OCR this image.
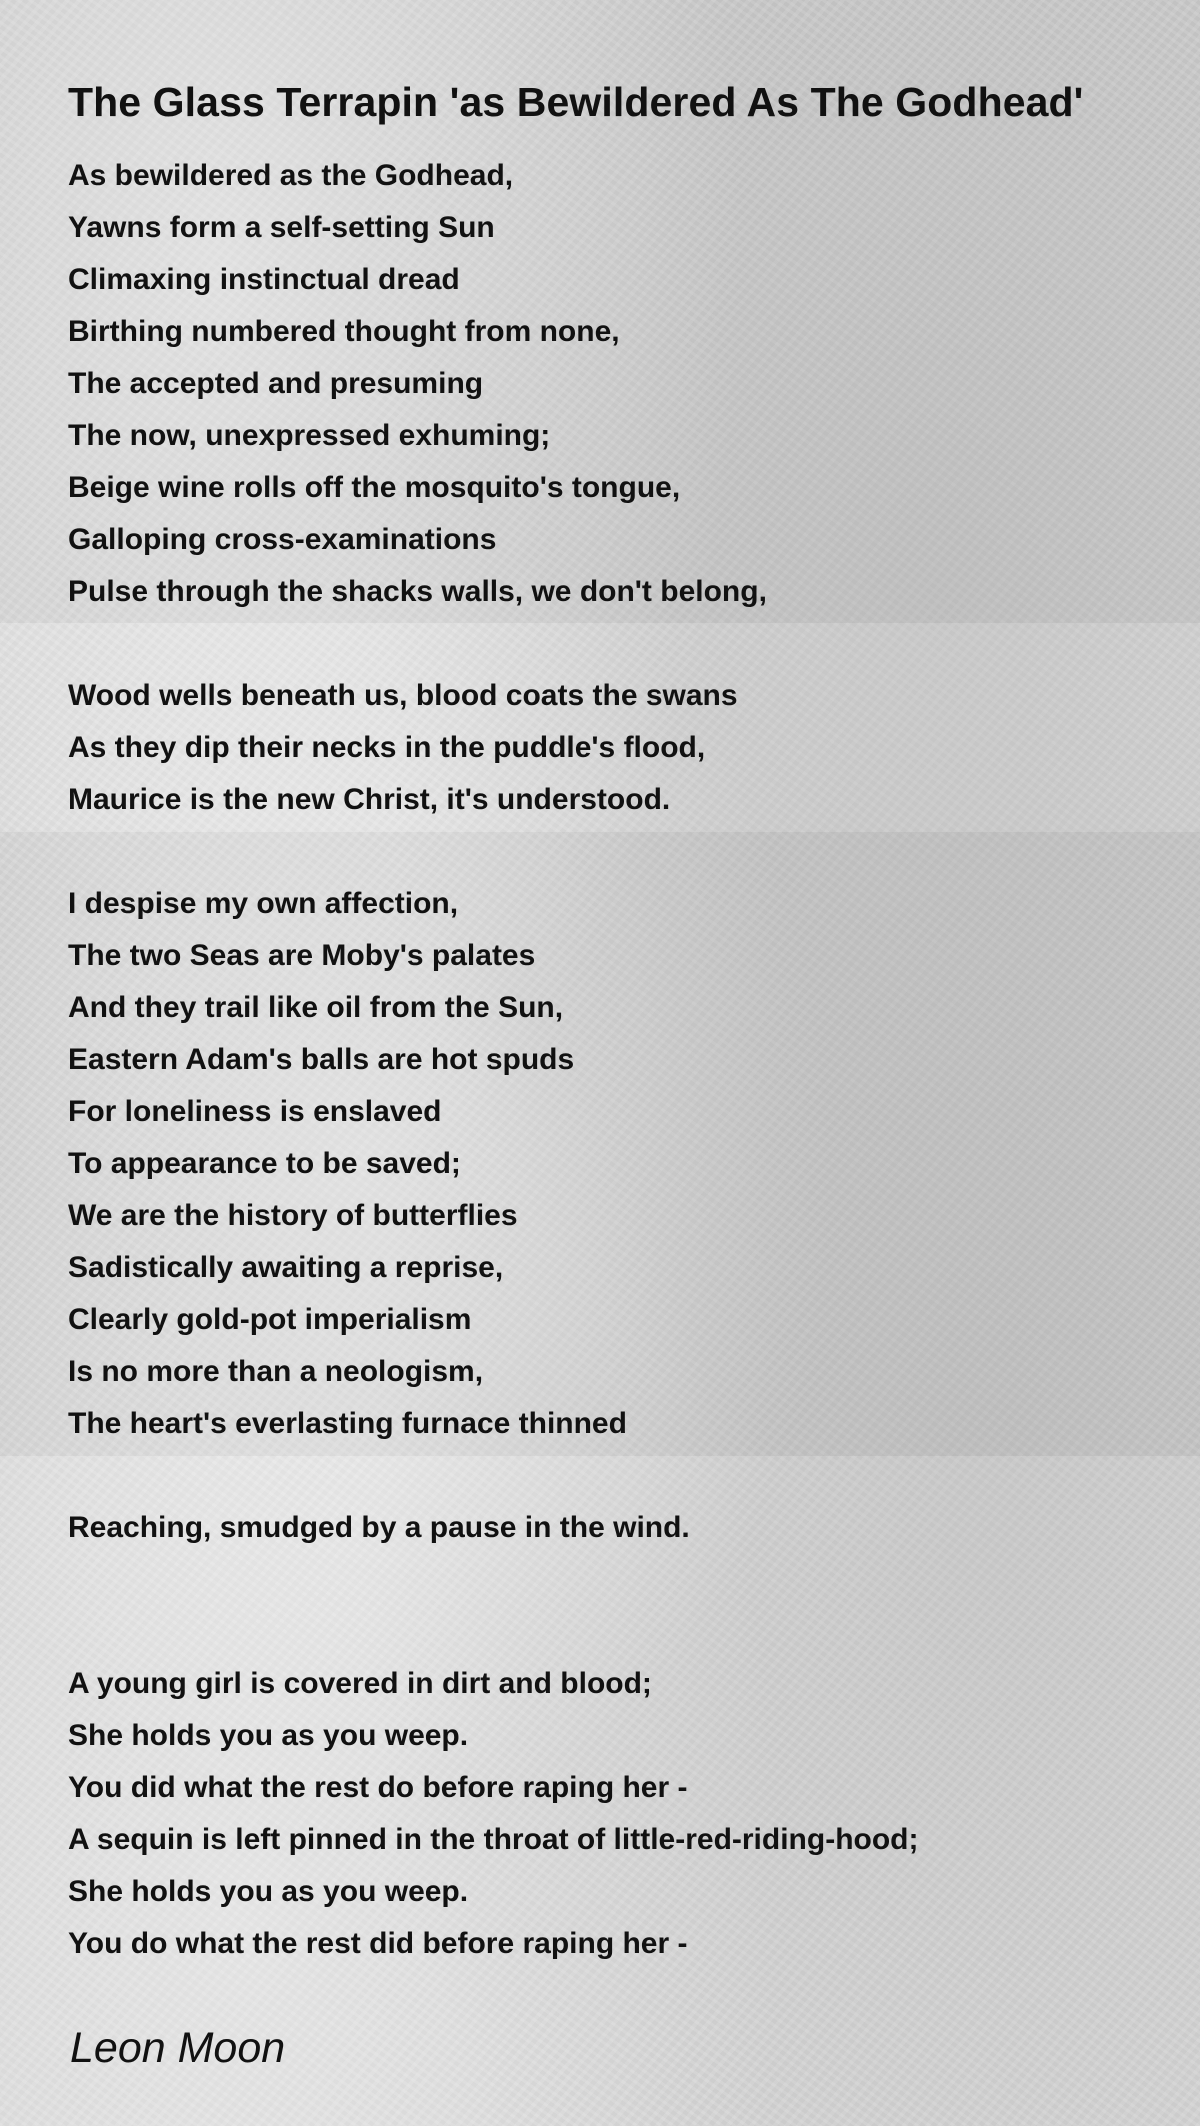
The Glass Terrapin 'as Bewildered As The Godhead'
As bewildered as the Godhead,
Yawns form a self-setting Sun
Climaxing instinctual dread
Birthing numbered thought from none,
The accepted and presuming
The now, unexpressed exhuming;
Beige wine rolls off the mosquito's tongue,
Galloping cross-examinations
Pulse through the shacks walls, we don't belong,
Wood wells beneath us, blood coats the swans
As they dip their necks in the puddle's flood,
Maurice is the new Christ, it's understood.
I despise my own affection,
The two Seas are Moby's palates
And they trail like oil from the Sun,
Eastern Adam's balls are hot spuds
For loneliness is enslaved
To appearance to be saved;
We are the history of butterflies
Sadistically awaiting a reprise,
Clearly gold-pot imperialism
Is no more than a neologism,
The heart's everlasting furnace thinned
Reaching, smudged by a pause in the wind.
A young girl is covered in dirt and blood;
She holds you as you weep.
You did what the rest do before raping her -
A sequin is left pinned in the throat of little-red-riding-hood;
She holds you as you weep.
You do what the rest did before raping her -
Leon Moon
